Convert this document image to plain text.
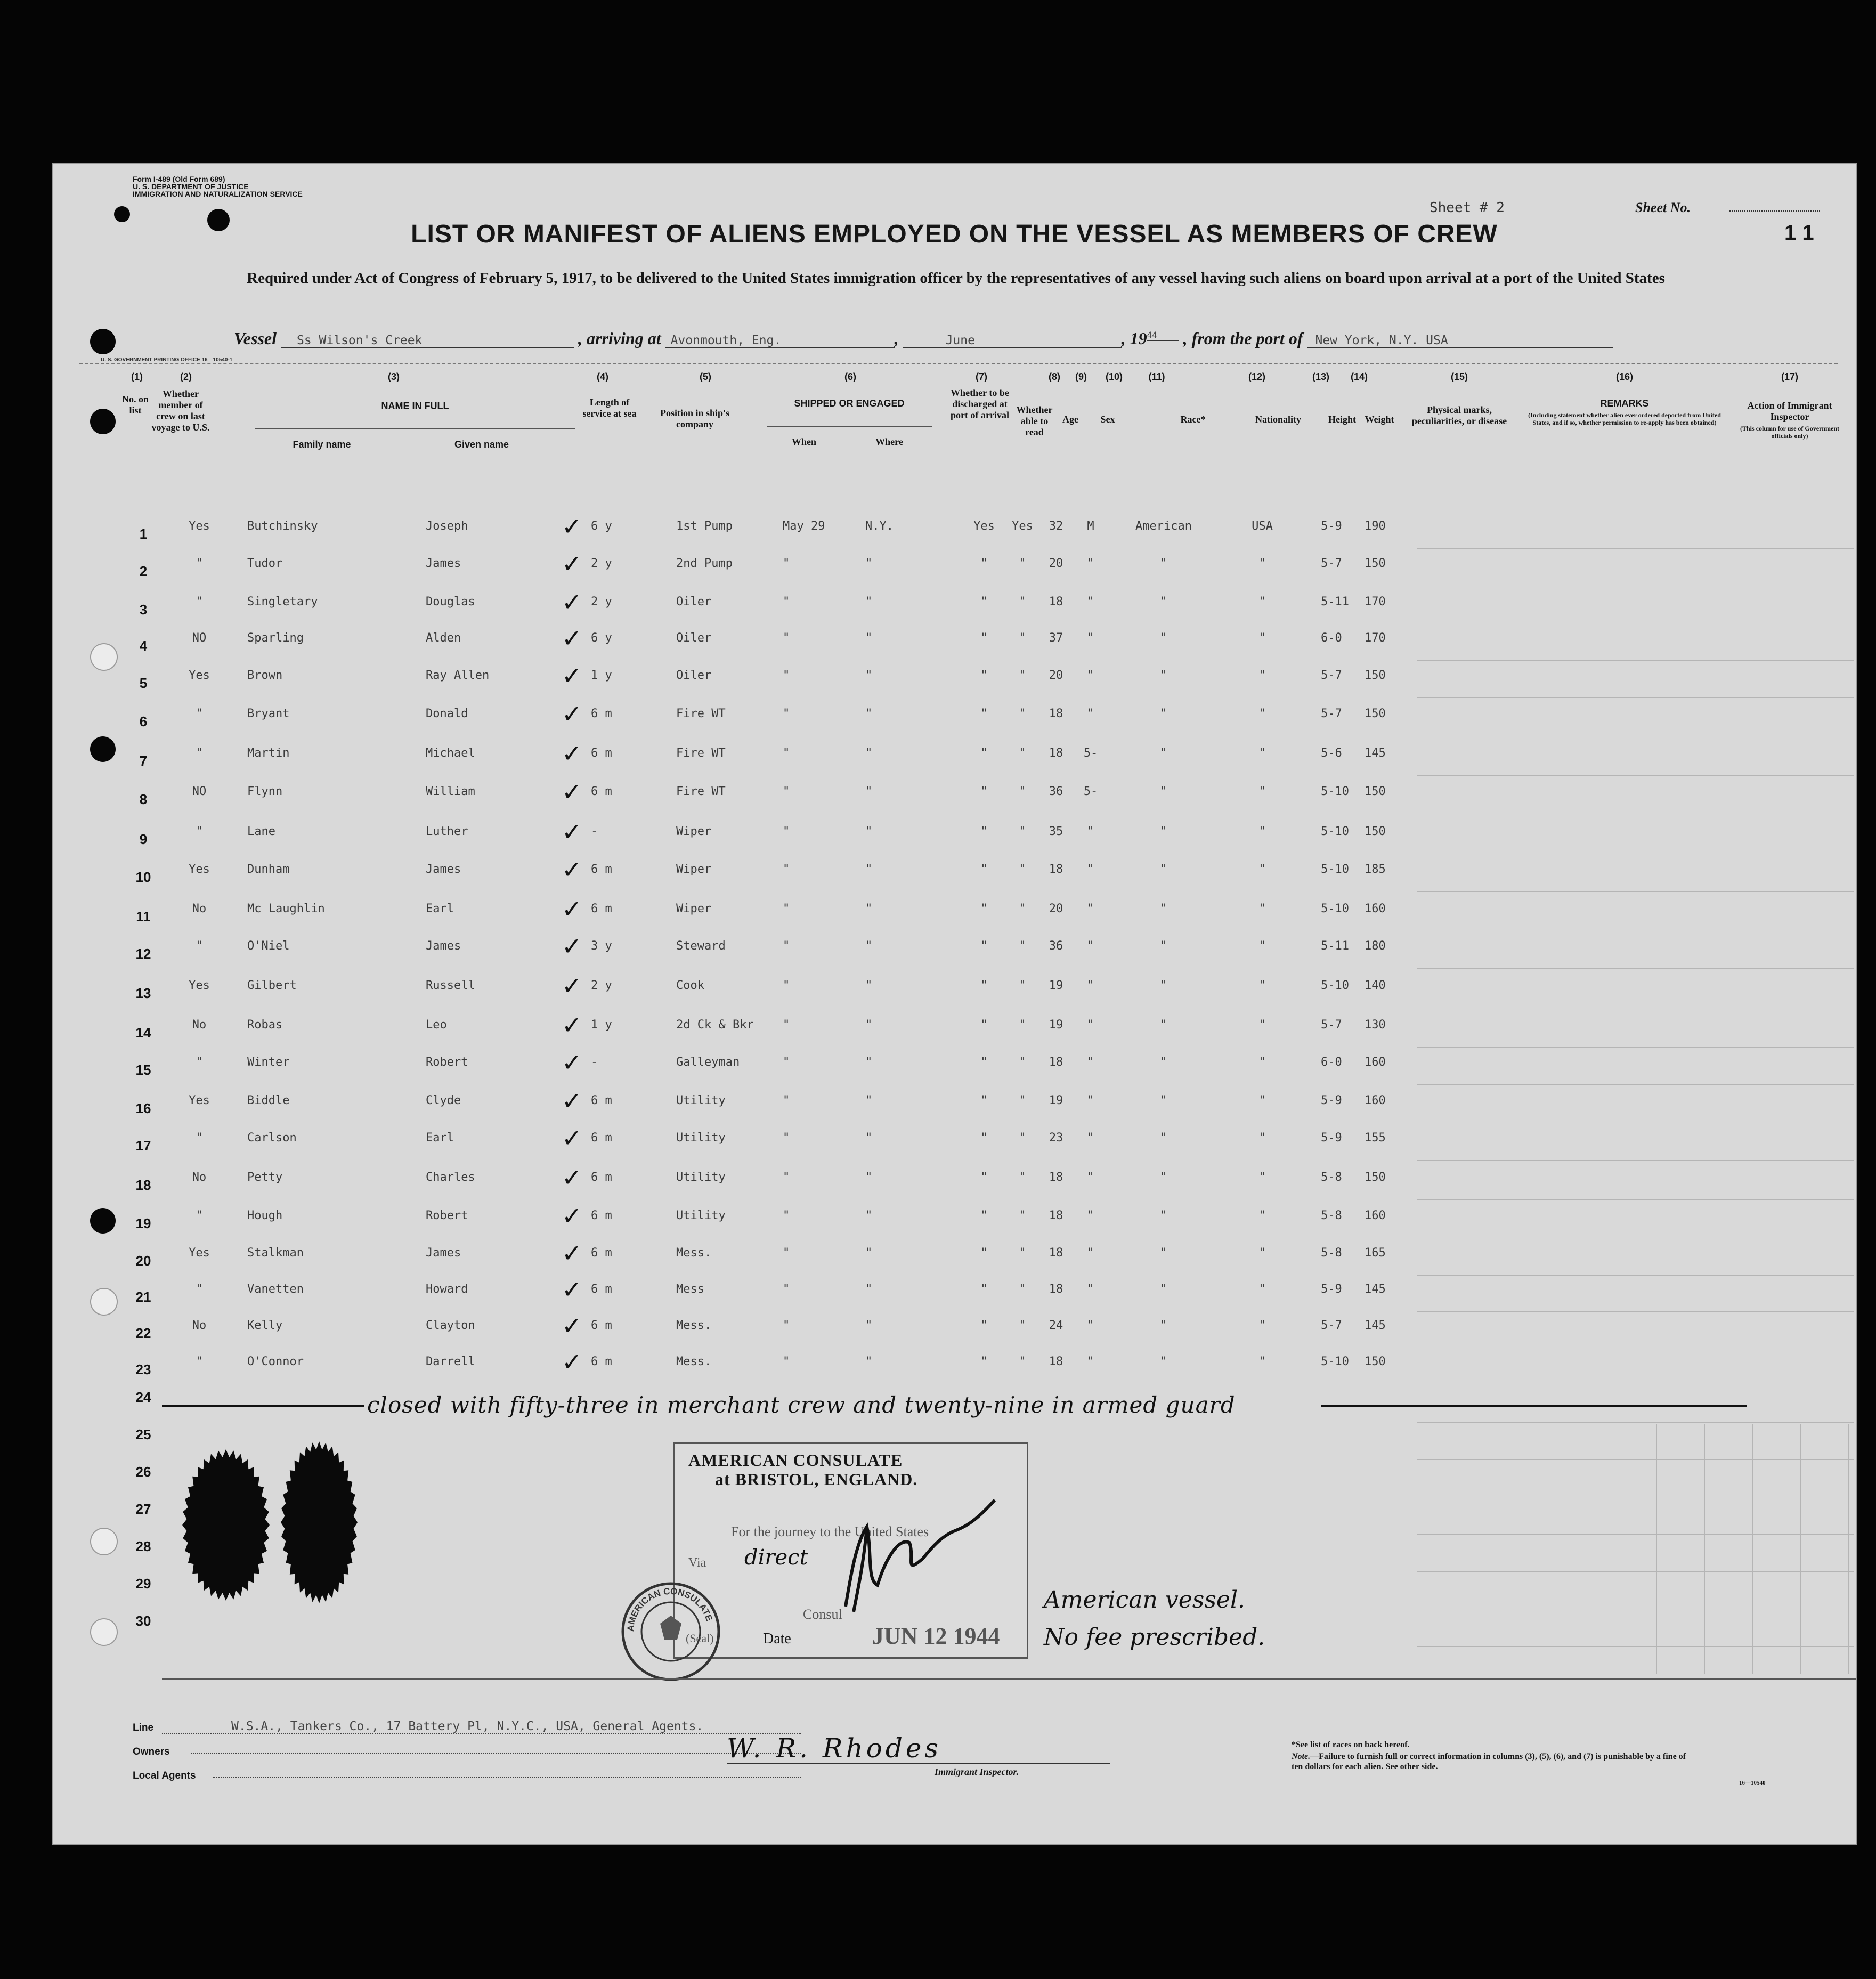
Form I-489 (Old Form 689)
U. S. DEPARTMENT OF JUSTICE
IMMIGRATION AND NATURALIZATION SERVICE
Sheet # 2	Sheet No.
1 1
LIST OR MANIFEST OF ALIENS EMPLOYED ON THE VESSEL AS MEMBERS OF CREW
Required under Act of Congress of February 5, 1917, to be delivered to the United States immigration officer by the representatives of any vessel having such aliens on board upon arrival at a port of the United States
Vessel Ss Wilson's Creek	, arriving at Avonmouth, Eng.	,	June	, 1944 , from the port of New York, N.Y. USA
U. S. GOVERNMENT PRINTING OFFICE 16—10540-1
(1)	(2)	(3)	(4)	(5)	(6)	(7)	(8)	(9)	(10)	(11)	(12)	(13)	(14)	(15)	(16)	(17)
No. on list
Whether member of crew on last voyage to U.S.
NAME IN FULL
Family name	Given name
Length of service at sea	Position in ship's company
SHIPPED OR ENGAGED
When	Where
Whether to be discharged at port of arrival Whether able to read
Age	Sex	Race*	Nationality	Height Weight
Physical marks, peculiarities, or disease
REMARKS
(Including statement whether alien ever ordered deported from United States, and if so, whether permission to re-apply has been obtained)
Action of Immigrant Inspector
(This column for use of Government officials only)
1	✓ 6 y
Yes	Butchinsky	Joseph	1st Pump	May 29	N.Y.	Yes	Yes	32	M	American	USA	5-9 190
2	✓ 2 y
"	Tudor	James	2nd Pump	"	"	"	"	20	"	"	"	5-7 150
3	✓ 2 y
"	Singletary	Douglas	Oiler	"	"	"	"	18	"	"	"	5-11 170
4	✓ 6 y
NO	Sparling	Alden	Oiler	"	"	"	"	37	"	"	"	6-0 170
5	✓ 1 y
Yes	Brown	Ray Allen	Oiler	"	"	"	"	20	"	"	"	5-7 150
6	✓ 6 m
"	Bryant	Donald	Fire WT	"	"	"	"	18	"	"	"	5-7 150
7	✓ 6 m
"	Martin	Michael	Fire WT	"	"	"	"	18	5-	"	"	5-6 145
8	✓ 6 m
NO	Flynn	William	Fire WT	"	"	"	"	36	5-	"	"	5-10 150
9	✓ -
"	Lane	Luther	Wiper	"	"	"	"	35	"	"	"	5-10 150
10	✓ 6 m
Yes	Dunham	James	Wiper	"	"	"	"	18	"	"	"	5-10 185
11	✓ 6 m
No	Mc Laughlin	Earl	Wiper	"	"	"	"	20	"	"	"	5-10 160
12	✓ 3 y
"	O'Niel	James	Steward	"	"	"	"	36	"	"	"	5-11 180
13	✓ 2 y
Yes	Gilbert	Russell	Cook	"	"	"	"	19	"	"	"	5-10 140
14	✓ 1 y
No	Robas	Leo	2d Ck & Bkr "	"	"	"	19	"	"	"	5-7 130
15	✓ -
"	Winter	Robert	Galleyman	"	"	"	"	18	"	"	"	6-0 160
16	✓ 6 m
Yes	Biddle	Clyde	Utility	"	"	"	"	19	"	"	"	5-9 160
17	✓ 6 m
"	Carlson	Earl	Utility	"	"	"	"	23	"	"	"	5-9 155
18	✓ 6 m
No	Petty	Charles	Utility	"	"	"	"	18	"	"	"	5-8 150
19	✓ 6 m
"	Hough	Robert	Utility	"	"	"	"	18	"	"	"	5-8 160
20	✓ 6 m
Yes	Stalkman	James	Mess.	"	"	"	"	18	"	"	"	5-8 165
21	✓ 6 m
"	Vanetten	Howard	Mess	"	"	"	"	18	"	"	"	5-9 145
22	✓ 6 m
No	Kelly	Clayton	Mess.	"	"	"	"	24	"	"	"	5-7 145
23	✓ 6 m
"	O'Connor	Darrell	Mess.	"	"	"	"	18	"	"	"	5-10 150
24
25
26
27
28
29
30
closed with fifty-three in merchant crew and twenty-nine in armed guard
AMERICAN CONSULATE
at BRISTOL, ENGLAND.
For the journey to the United States
Via direct
Consul
(Seal)	Date	JUN 12 1944
AMERICAN CONSULATE
American vessel.
No fee prescribed.
Line	W.S.A., Tankers Co., 17 Battery Pl, N.Y.C., USA, General Agents.
Owners
Local Agents
W. R. Rhodes
Immigrant Inspector.
*See list of races on back hereof.
Note.—Failure to furnish full or correct information in columns (3), (5), (6), and (7) is punishable by a fine of ten dollars for each alien. See other side.
16—10540
